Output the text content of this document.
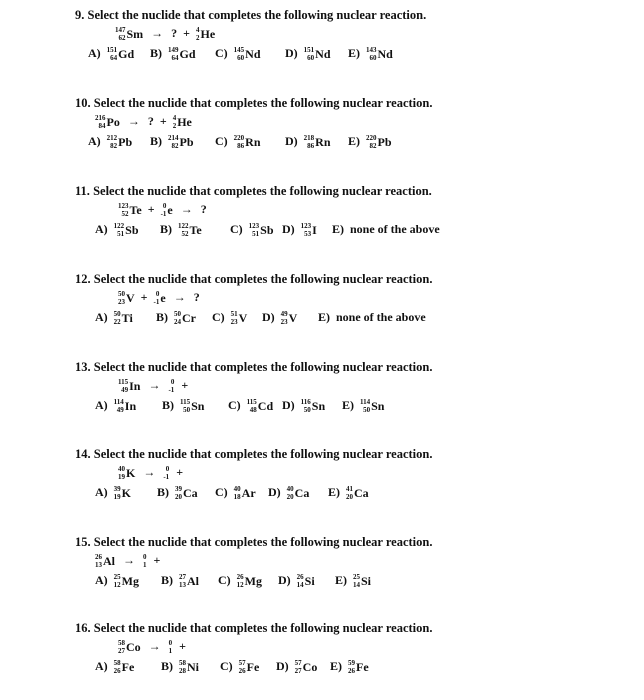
9. Select the nuclide that completes the following nuclear reaction.
147
62 Sm → ? + 4
2 He
A) 151
64 Gd B) 149
64 Gd C) 145
60 Nd D) 151
60 Nd E) 143
60 Nd
10. Select the nuclide that completes the following nuclear reaction.
216
84 Po → ? + 4
2 He
A) 212
82 Pb B) 214
82 Pb C) 220
86 Rn D) 218
86 Rn E) 220
82 Pb
11. Select the nuclide that completes the following nuclear reaction.
123
52 Te + 0
-1 e → ?
A) 122
51 Sb B) 122
52 Te C) 123
51 Sb D) 123
53 I E) none of the above
12. Select the nuclide that completes the following nuclear reaction.
50
23 V + 0
-1 e → ?
A) 50
22 Ti B) 50
24 Cr C) 51
23 V D) 49
23 V E) none of the above
13. Select the nuclide that completes the following nuclear reaction.
115
49 In → 0
-1 +
A) 114
49 In B) 115
50 Sn C) 115
48 Cd D) 116
50 Sn E) 114
50 Sn
14. Select the nuclide that completes the following nuclear reaction.
40
19 K → 0
-1 +
A) 39
19 K B) 39
20 Ca C) 40
18 Ar D) 40
20 Ca E) 41
20 Ca
15. Select the nuclide that completes the following nuclear reaction.
26
13 Al → 0
1 +
A) 25
12 Mg B) 27
13 Al C) 26
12 Mg D) 26
14 Si E) 25
14 Si
16. Select the nuclide that completes the following nuclear reaction.
58
27 Co → 0
1 +
A) 58
26 Fe B) 58
28 Ni C) 57
26 Fe D) 57
27 Co E) 59
26 Fe
